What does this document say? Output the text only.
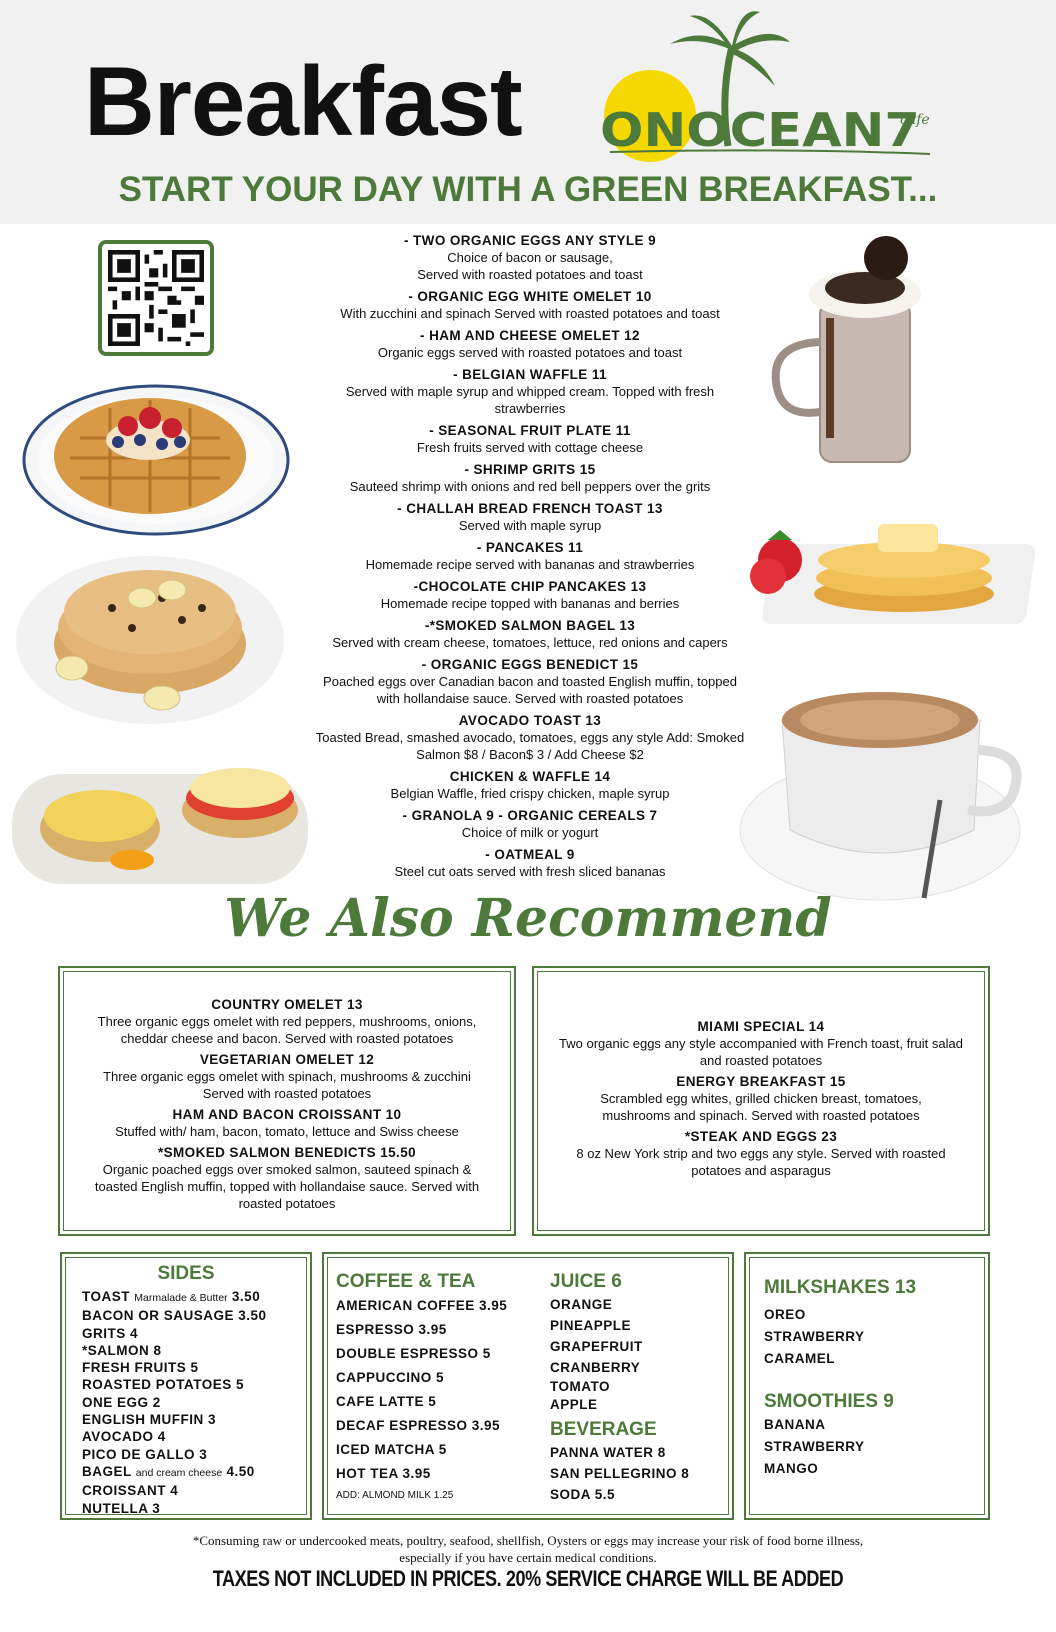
Breakfast ONOCEAN7
cafe
START YOUR DAY WITH A GREEN BREAKFAST...
- TWO ORGANIC EGGS ANY STYLE 9
Choice of bacon or sausage,
Served with roasted potatoes and toast
- ORGANIC EGG WHITE OMELET 10
With zucchini and spinach Served with roasted potatoes and toast
- HAM AND CHEESE OMELET 12
Organic eggs served with roasted potatoes and toast
- BELGIAN WAFFLE 11
Served with maple syrup and whipped cream. Topped with fresh strawberries
- SEASONAL FRUIT PLATE 11
Fresh fruits served with cottage cheese
- SHRIMP GRITS 15
Sauteed shrimp with onions and red bell peppers over the grits
- CHALLAH BREAD FRENCH TOAST 13
Served with maple syrup
- PANCAKES 11
Homemade recipe served with bananas and strawberries
-CHOCOLATE CHIP PANCAKES 13
Homemade recipe topped with bananas and berries
-*SMOKED SALMON BAGEL 13
Served with cream cheese, tomatoes, lettuce, red onions and capers
- ORGANIC EGGS BENEDICT 15
Poached eggs over Canadian bacon and toasted English muffin, topped with hollandaise sauce. Served with roasted potatoes
AVOCADO TOAST 13
Toasted Bread, smashed avocado, tomatoes, eggs any style Add: Smoked Salmon $8 / Bacon$ 3 / Add Cheese $2
CHICKEN & WAFFLE 14
Belgian Waffle, fried crispy chicken, maple syrup
- GRANOLA 9 - ORGANIC CEREALS 7
Choice of milk or yogurt
- OATMEAL 9
Steel cut oats served with fresh sliced bananas
We Also Recommend
COUNTRY OMELET 13
Three organic eggs omelet with red peppers, mushrooms, onions, cheddar cheese and bacon. Served with roasted potatoes
VEGETARIAN OMELET 12
Three organic eggs omelet with spinach, mushrooms & zucchini Served with roasted potatoes
HAM AND BACON CROISSANT 10
Stuffed with/ ham, bacon, tomato, lettuce and Swiss cheese
*SMOKED SALMON BENEDICTS 15.50
Organic poached eggs over smoked salmon, sauteed spinach & toasted English muffin, topped with hollandaise sauce. Served with roasted potatoes
MIAMI SPECIAL 14
Two organic eggs any style accompanied with French toast, fruit salad and roasted potatoes
ENERGY BREAKFAST 15
Scrambled egg whites, grilled chicken breast, tomatoes, mushrooms and spinach. Served with roasted potatoes
*STEAK AND EGGS 23
8 oz New York strip and two eggs any style. Served with roasted potatoes and asparagus
SIDES
TOAST Marmalade & Butter 3.50
BACON OR SAUSAGE 3.50
GRITS 4
*SALMON 8
FRESH FRUITS 5
ROASTED POTATOES 5
ONE EGG 2
ENGLISH MUFFIN 3
AVOCADO 4
PICO DE GALLO 3
BAGEL and cream cheese 4.50
CROISSANT 4
NUTELLA 3
COFFEE & TEA
AMERICAN COFFEE 3.95
ESPRESSO 3.95
DOUBLE ESPRESSO 5
CAPPUCCINO 5
CAFE LATTE 5
DECAF ESPRESSO 3.95
ICED MATCHA 5
HOT TEA 3.95
ADD: ALMOND MILK 1.25
JUICE 6
ORANGE
PINEAPPLE
GRAPEFRUIT
CRANBERRY
TOMATO
APPLE
BEVERAGE
PANNA WATER 8
SAN PELLEGRINO 8
SODA 5.5
MILKSHAKES 13
OREO
STRAWBERRY
CARAMEL
SMOOTHIES 9
BANANA
STRAWBERRY
MANGO
*Consuming raw or undercooked meats, poultry, seafood, shellfish, Oysters or eggs may increase your risk of food borne illness,
especially if you have certain medical conditions.
TAXES NOT INCLUDED IN PRICES. 20% SERVICE CHARGE WILL BE ADDED
